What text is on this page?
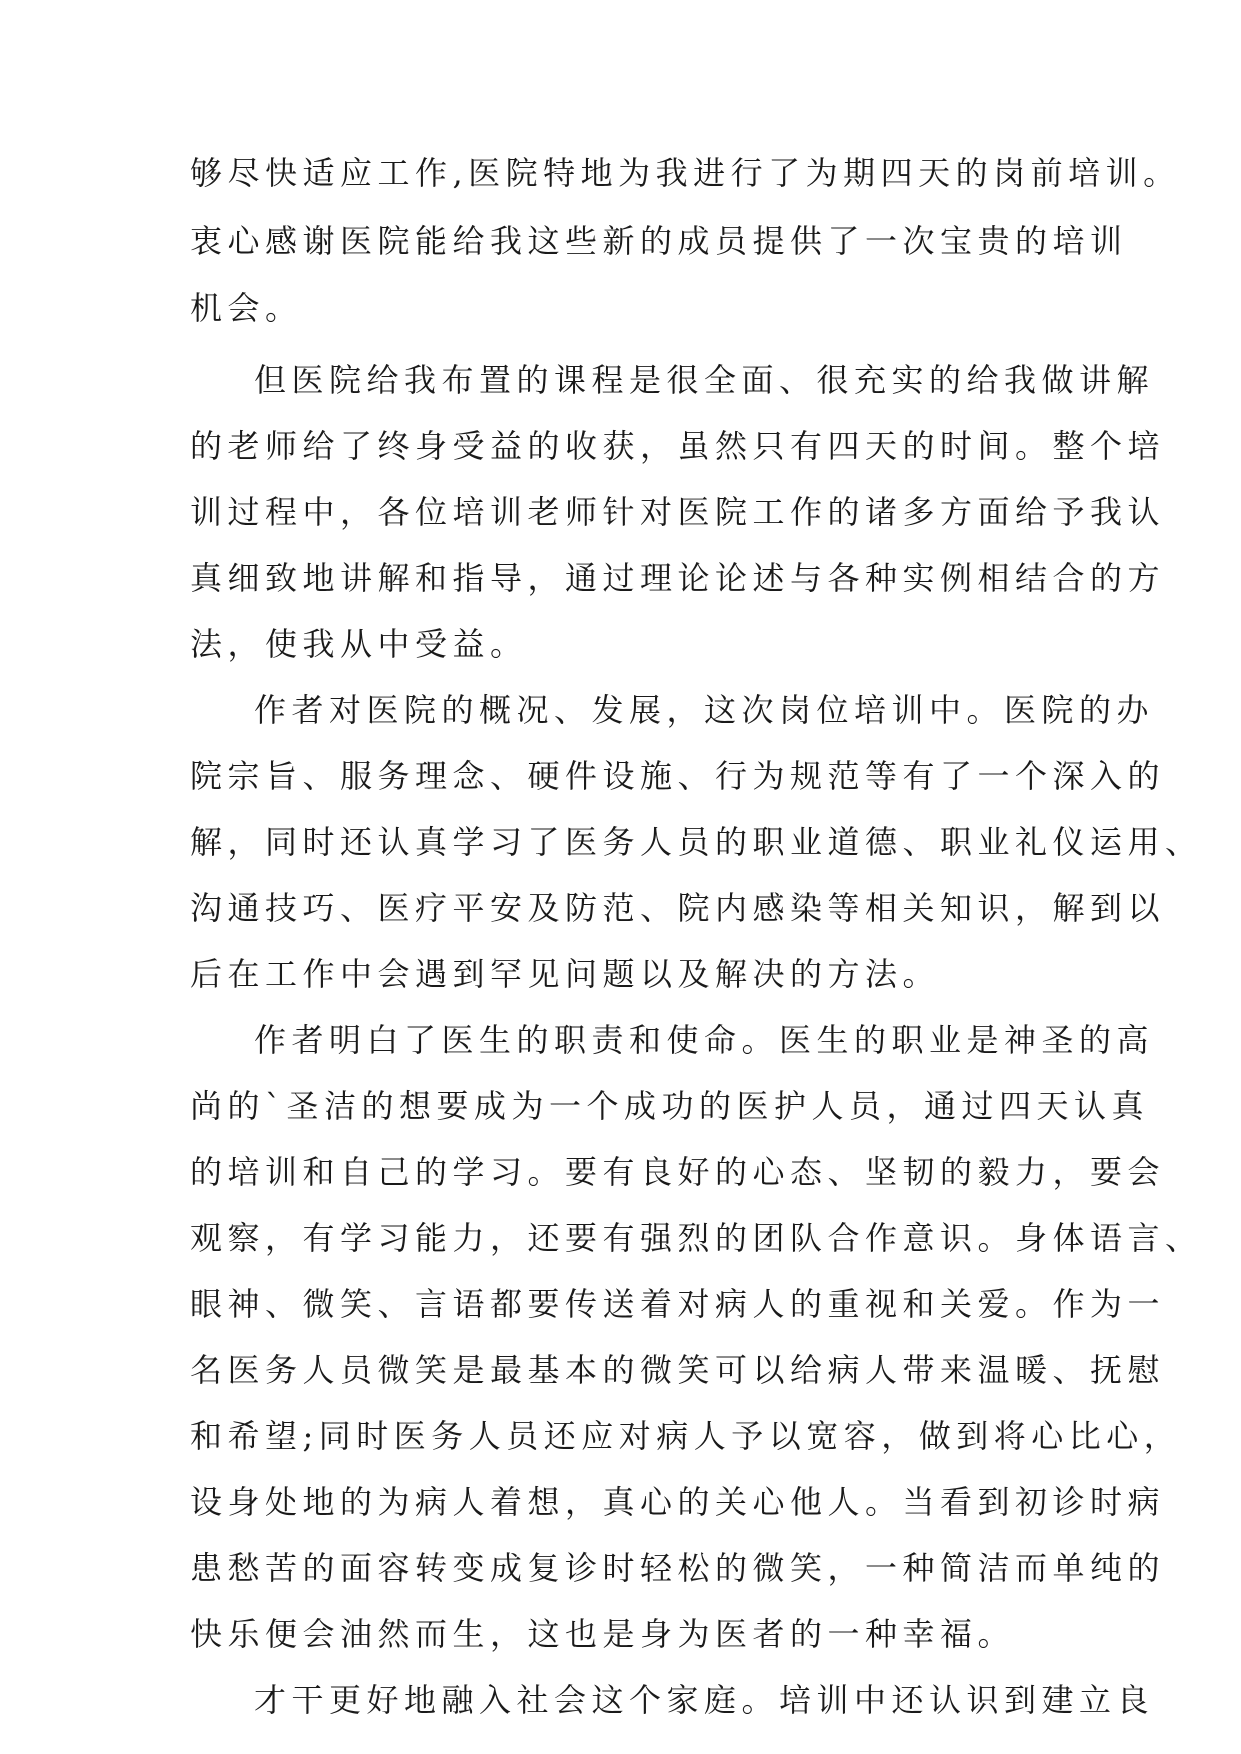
够尽快适应工作,医院特地为我进行了为期四天的岗前培训。
衷心感谢医院能给我这些新的成员提供了一次宝贵的培训
机会。
但医院给我布置的课程是很全面、很充实的给我做讲解
的老师给了终身受益的收获，虽然只有四天的时间。整个培
训过程中，各位培训老师针对医院工作的诸多方面给予我认
真细致地讲解和指导，通过理论论述与各种实例相结合的方
法，使我从中受益。
作者对医院的概况、发展，这次岗位培训中。医院的办
院宗旨、服务理念、硬件设施、行为规范等有了一个深入的
解，同时还认真学习了医务人员的职业道德、职业礼仪运用、
沟通技巧、医疗平安及防范、院内感染等相关知识，解到以
后在工作中会遇到罕见问题以及解决的方法。
作者明白了医生的职责和使命。医生的职业是神圣的高
尚的`圣洁的想要成为一个成功的医护人员，通过四天认真
的培训和自己的学习。要有良好的心态、坚韧的毅力，要会
观察，有学习能力，还要有强烈的团队合作意识。身体语言、
眼神、微笑、言语都要传送着对病人的重视和关爱。作为一
名医务人员微笑是最基本的微笑可以给病人带来温暖、抚慰
和希望;同时医务人员还应对病人予以宽容，做到将心比心，
设身处地的为病人着想，真心的关心他人。当看到初诊时病
患愁苦的面容转变成复诊时轻松的微笑，一种简洁而单纯的
快乐便会油然而生，这也是身为医者的一种幸福。
才干更好地融入社会这个家庭。培训中还认识到建立良
